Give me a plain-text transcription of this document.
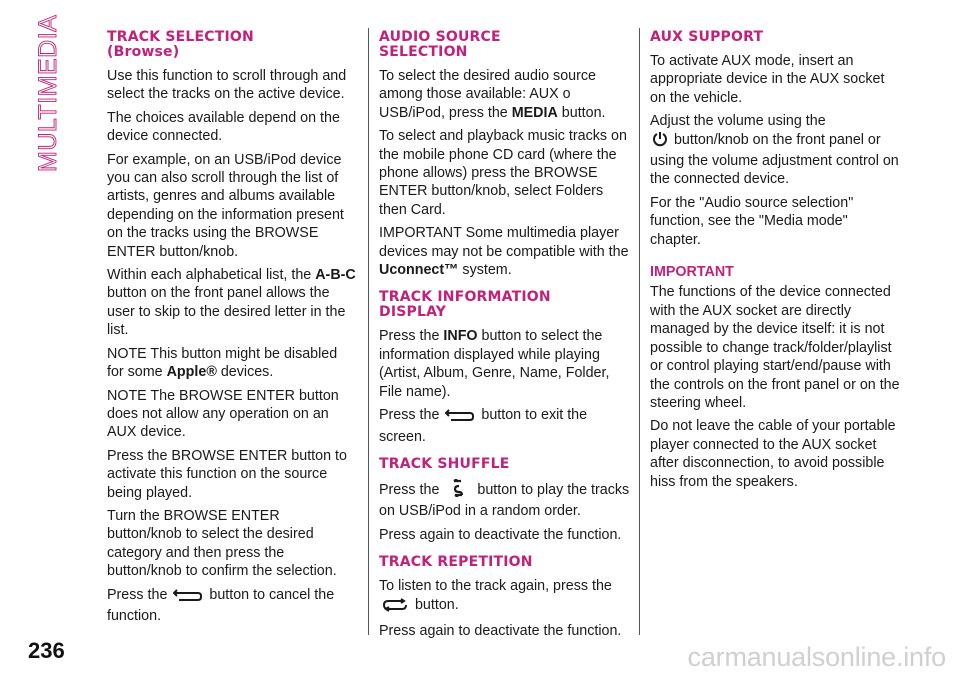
MULTIMEDIA	TRACK SELECTION
(Browse)

Use this function to scroll through and select the tracks on the active device.

The choices available depend on the device connected.

For example, on an USB/iPod device you can also scroll through the list of artists, genres and albums available depending on the information present on the tracks using the BROWSE ENTER button/knob.

Within each alphabetical list, the A-B-C button on the front panel allows the user to skip to the desired letter in the list.

NOTE This button might be disabled for some Apple® devices.

NOTE The BROWSE ENTER button does not allow any operation on an AUX device.

Press the BROWSE ENTER button to activate this function on the source being played.

Turn the BROWSE ENTER button/knob to select the desired category and then press the button/knob to confirm the selection.

Press the	button to cancel the function.

AUDIO SOURCE
SELECTION

To select the desired audio source among those available: AUX o USB/iPod, press the MEDIA button.

To select and playback music tracks on the mobile phone CD card (where the phone allows) press the BROWSE ENTER button/knob, select Folders then Card.

IMPORTANT Some multimedia player devices may not be compatible with the Uconnect™ system.

TRACK INFORMATION
DISPLAY

Press the INFO button to select the information displayed while playing (Artist, Album, Genre, Name, Folder, File name).

Press the	button to exit the screen.

TRACK SHUFFLE

Press the	button to play the tracks on USB/iPod in a random order.

Press again to deactivate the function.

TRACK REPETITION

To listen to the track again, press the
button.

Press again to deactivate the function.

AUX SUPPORT

To activate AUX mode, insert an appropriate device in the AUX socket on the vehicle.

Adjust the volume using the
button/knob on the front panel or using the volume adjustment control on the connected device.

For the "Audio source selection" function, see the "Media mode" chapter.

IMPORTANT

The functions of the device connected with the AUX socket are directly managed by the device itself: it is not possible to change track/folder/playlist or control playing start/end/pause with the controls on the front panel or on the steering wheel.

Do not leave the cable of your portable player connected to the AUX socket after disconnection, to avoid possible hiss from the speakers.

236	carmanualsonline.info
